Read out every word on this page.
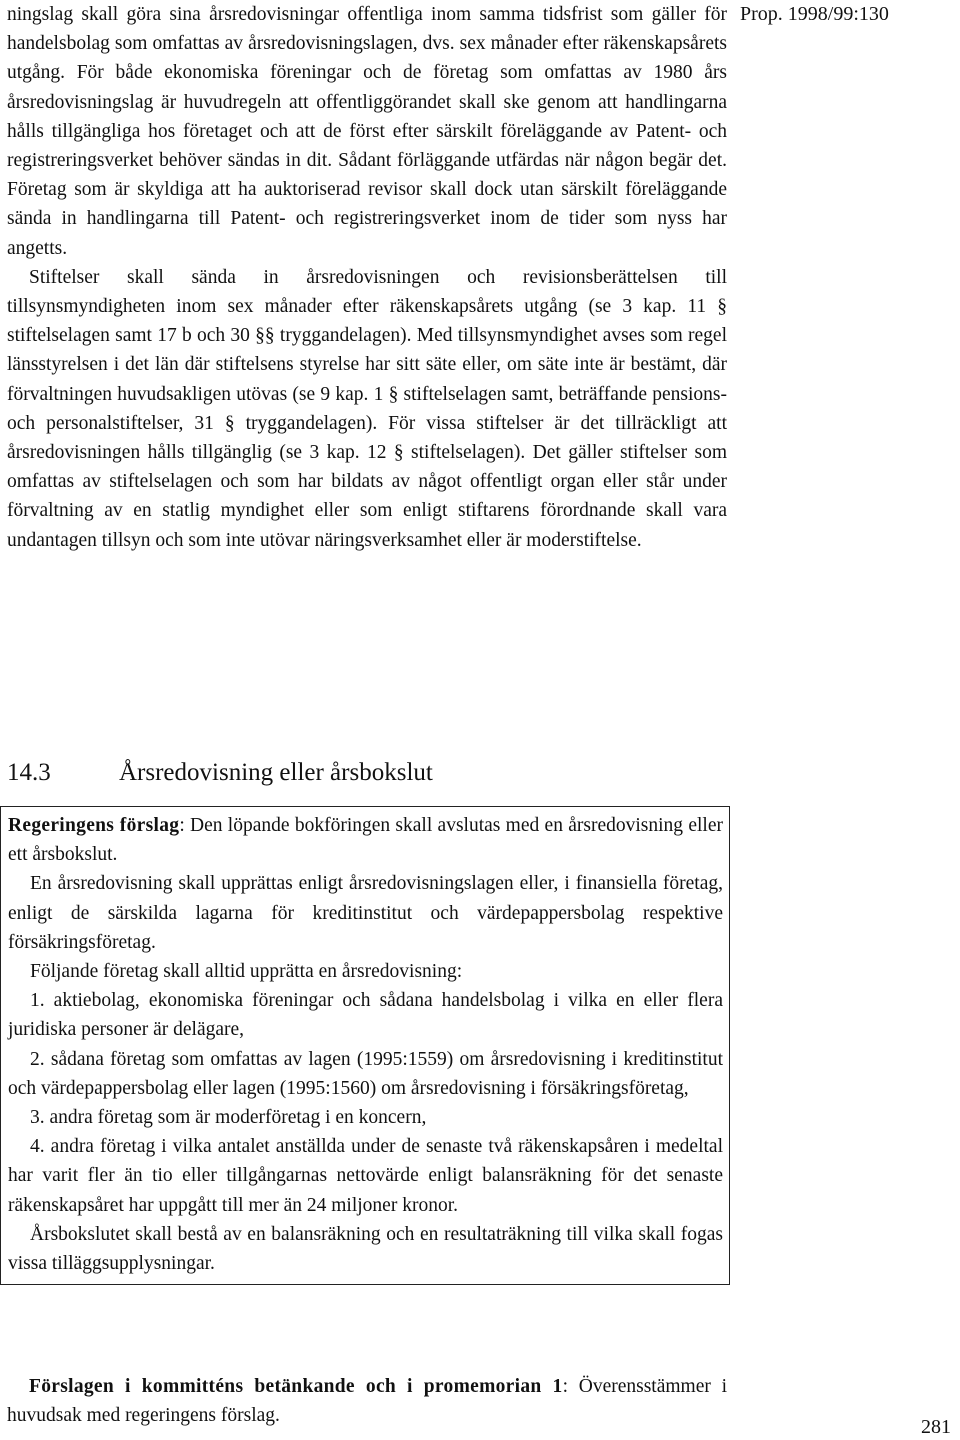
Prop. 1998/99:130

ningslag skall göra sina årsredovisningar offentliga inom samma tidsfrist som gäller för handelsbolag som omfattas av årsredovisningslagen, dvs. sex månader efter räkenskapsårets utgång. För både ekonomiska föreningar och de företag som omfattas av 1980 års årsredovisningslag är huvudregeln att offentliggörandet skall ske genom att handlingarna hålls tillgängliga hos företaget och att de först efter särskilt föreläggande av Patent- och registreringsverket behöver sändas in dit. Sådant förläggande utfärdas när någon begär det. Företag som är skyldiga att ha auktoriserad revisor skall dock utan särskilt föreläggande sända in handlingarna till Patent- och registreringsverket inom de tider som nyss har angetts.

Stiftelser skall sända in årsredovisningen och revisionsberättelsen till tillsynsmyndigheten inom sex månader efter räkenskapsårets utgång (se 3 kap. 11 § stiftelselagen samt 17 b och 30 §§ tryggandelagen). Med tillsynsmyndighet avses som regel länsstyrelsen i det län där stiftelsens styrelse har sitt säte eller, om säte inte är bestämt, där förvaltningen huvudsakligen utövas (se 9 kap. 1 § stiftelselagen samt, beträffande pensions- och personalstiftelser, 31 § tryggandelagen). För vissa stiftelser är det tillräckligt att årsredovisningen hålls tillgänglig (se 3 kap. 12 § stiftelselagen). Det gäller stiftelser som omfattas av stiftelselagen och som har bildats av något offentligt organ eller står under förvaltning av en statlig myndighet eller som enligt stiftarens förordnande skall vara undantagen tillsyn och som inte utövar näringsverksamhet eller är moderstiftelse.

14.3	Årsredovisning eller årsbokslut

Regeringens förslag: Den löpande bokföringen skall avslutas med en årsredovisning eller ett årsbokslut.

En årsredovisning skall upprättas enligt årsredovisningslagen eller, i finansiella företag, enligt de särskilda lagarna för kreditinstitut och värdepappersbolag respektive försäkringsföretag.

Följande företag skall alltid upprätta en årsredovisning:

1. aktiebolag, ekonomiska föreningar och sådana handelsbolag i vilka en eller flera juridiska personer är delägare,

2. sådana företag som omfattas av lagen (1995:1559) om årsredovisning i kreditinstitut och värdepappersbolag eller lagen (1995:1560) om årsredovisning i försäkringsföretag,

3. andra företag som är moderföretag i en koncern,

4. andra företag i vilka antalet anställda under de senaste två räkenskapsåren i medeltal har varit fler än tio eller tillgångarnas nettovärde enligt balansräkning för det senaste räkenskapsåret har uppgått till mer än 24 miljoner kronor.

Årsbokslutet skall bestå av en balansräkning och en resultaträkning till vilka skall fogas vissa tilläggsupplysningar.

Förslagen i kommitténs betänkande och i promemorian 1: Överensstämmer i huvudsak med regeringens förslag.

281
